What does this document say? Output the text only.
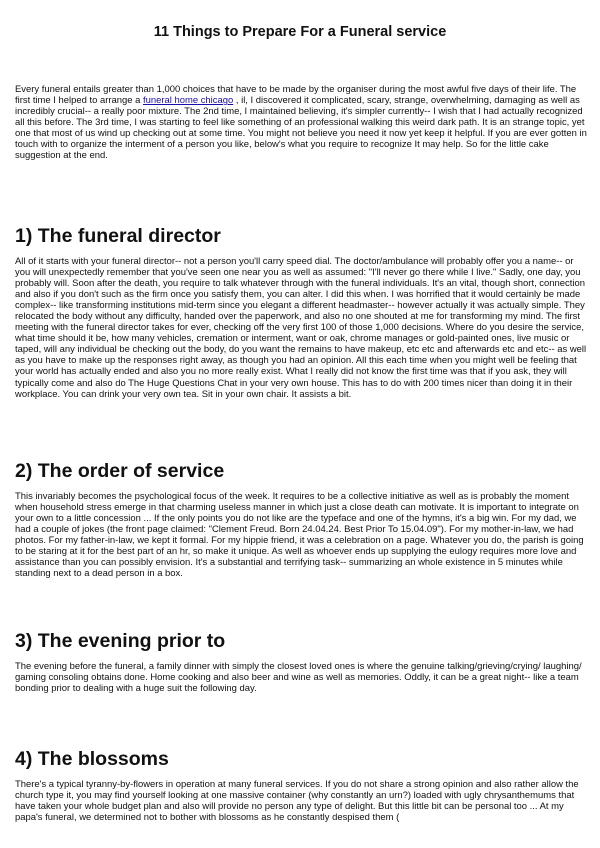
11 Things to Prepare For a Funeral service

Every funeral entails greater than 1,000 choices that have to be made by the organiser during the most awful five days of their life. The first time I helped to arrange a funeral home chicago , il, I discovered it complicated, scary, strange, overwhelming, damaging as well as incredibly crucial-- a really poor mixture. The 2nd time, I maintained believing, it's simpler currently-- I wish that I had actually recognized all this before. The 3rd time, I was starting to feel like something of an professional walking this weird dark path. It is an strange topic, yet one that most of us wind up checking out at some time. You might not believe you need it now yet keep it helpful. If you are ever gotten in touch with to organize the interment of a person you like, below's what you require to recognize It may help. So for the little cake suggestion at the end.

1) The funeral director

All of it starts with your funeral director-- not a person you'll carry speed dial. The doctor/ambulance will probably offer you a name-- or you will unexpectedly remember that you've seen one near you as well as assumed: "I'll never go there while I live." Sadly, one day, you probably will. Soon after the death, you require to talk whatever through with the funeral individuals. It's an vital, though short, connection and also if you don't such as the firm once you satisfy them, you can alter. I did this when. I was horrified that it would certainly be made complex-- like transforming institutions mid-term since you elegant a different headmaster-- however actually it was actually simple. They relocated the body without any difficulty, handed over the paperwork, and also no one shouted at me for transforming my mind. The first meeting with the funeral director takes for ever, checking off the very first 100 of those 1,000 decisions. Where do you desire the service, what time should it be, how many vehicles, cremation or interment, want or oak, chrome manages or gold-painted ones, live music or taped, will any individual be checking out the body, do you want the remains to have makeup, etc etc and afterwards etc and etc-- as well as you have to make up the responses right away, as though you had an opinion. All this each time when you might well be feeling that your world has actually ended and also you no more really exist. What I really did not know the first time was that if you ask, they will typically come and also do The Huge Questions Chat in your very own house. This has to do with 200 times nicer than doing it in their workplace. You can drink your very own tea. Sit in your own chair. It assists a bit.

2) The order of service

This invariably becomes the psychological focus of the week. It requires to be a collective initiative as well as is probably the moment when household stress emerge in that charming useless manner in which just a close death can motivate. It is important to integrate on your own to a little concession ... If the only points you do not like are the typeface and one of the hymns, it's a big win. For my dad, we had a couple of jokes (the front page claimed: "Clement Freud. Born 24.04.24. Best Prior To 15.04.09"). For my mother-in-law, we had photos. For my father-in-law, we kept it formal. For my hippie friend, it was a celebration on a page. Whatever you do, the parish is going to be staring at it for the best part of an hr, so make it unique. As well as whoever ends up supplying the eulogy requires more love and assistance than you can possibly envision. It's a substantial and terrifying task-- summarizing an whole existence in 5 minutes while standing next to a dead person in a box.

3) The evening prior to

The evening before the funeral, a family dinner with simply the closest loved ones is where the genuine talking/grieving/crying/ laughing/ gaming consoling obtains done. Home cooking and also beer and wine as well as memories. Oddly, it can be a great night-- like a team bonding prior to dealing with a huge suit the following day.

4) The blossoms

There's a typical tyranny-by-flowers in operation at many funeral services. If you do not share a strong opinion and also rather allow the church type it, you may find yourself looking at one massive container (why constantly an urn?) loaded with ugly chrysanthemums that have taken your whole budget plan and also will provide no person any type of delight. But this little bit can be personal too ... At my papa's funeral, we determined not to bother with blossoms as he constantly despised them (
